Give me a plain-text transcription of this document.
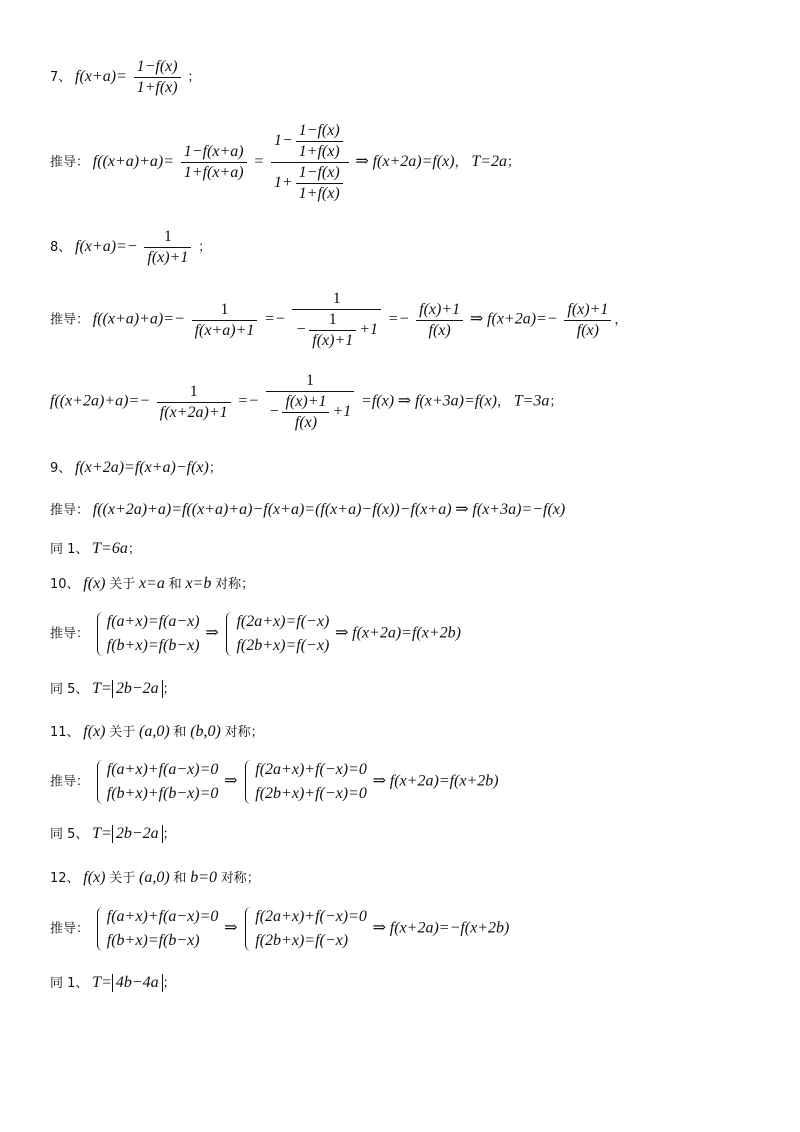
7、 $f(x+a)= \frac{1-f(x)}{1+f(x)}$ ；
推导： $f((x+a)+a)= \frac{1-f(x+a)}{1+f(x+a)} = \frac{1- \frac{1-f(x)}{1+f(x)}}{1+ \frac{1-f(x)}{1+f(x)}}$ ⇒ f(x+2a)=f(x)， T=2a；
8、 $f(x+a)=- \frac{1}{f(x)+1}$ ；
推导： $f((x+a)+a)=- \frac{1}{f(x+a)+1} =- \frac{1}{- \frac{1}{f(x)+1} +1} =- \frac{f(x)+1}{f(x)}$ ⇒ $f(x+2a)=- \frac{f(x)+1}{f(x)}$ ，
$f((x+2a)+a)=- \frac{1}{f(x+2a)+1} =- \frac{1}{- \frac{f(x)+1}{f(x)} +1} =f(x)$ ⇒ f(x+3a)=f(x)， T=3a；
9、 f(x+2a)=f(x+a)−f(x)；
推导： f((x+2a)+a)=f((x+a)+a)−f(x+a)=(f(x+a)−f(x))−f(x+a) ⇒ f(x+3a)=−f(x)
同 1、 T=6a；
10、 f(x) 关于 x=a 和 x=b 对称；
推导：
f(a+x)=f(a−x)
f(b+x)=f(b−x)
⇒
f(2a+x)=f(−x)
f(2b+x)=f(−x)
⇒ f(x+2a)=f(x+2b)
同 5、 T= 2b−2a ；
11、 f(x) 关于 (a,0) 和 (b,0) 对称；
推导：
f(a+x)+f(a−x)=0
f(b+x)+f(b−x)=0
⇒
f(2a+x)+f(−x)=0
f(2b+x)+f(−x)=0
⇒ f(x+2a)=f(x+2b)
同 5、 T= 2b−2a ；
12、 f(x) 关于 (a,0) 和 b=0 对称；
推导：
f(a+x)+f(a−x)=0
f(b+x)=f(b−x)
⇒
f(2a+x)+f(−x)=0
f(2b+x)=f(−x)
⇒ f(x+2a)=−f(x+2b)
同 1、 T= 4b−4a ；
